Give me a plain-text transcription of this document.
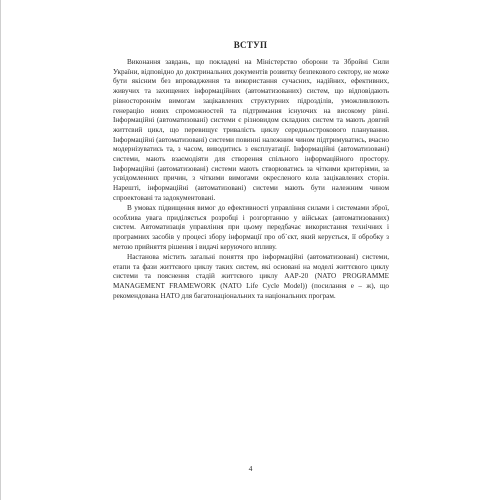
ВСТУП

Виконання завдань, що покладені на Міністерство оборони та Збройні Сили України, відповідно до доктринальних документів розвитку безпекового сектору, не може бути якісним без впровадження та використання сучасних, надійних, ефективних, живучих та захищених інформаційних (автоматизованих) систем, що відповідають рівностороннім вимогам зацікавлених структурних підрозділів, уможливлюють генерацію нових спроможностей та підтримання існуючих на високому рівні. Інформаційні (автоматизовані) системи є різновидом складних систем та мають довгий життєвий цикл, що перевищує тривалість циклу середньострокового планування. Інформаційні (автоматизовані) системи повинні належним чином підтримуватись, вчасно модернізуватись та, з часом, виводитись з експлуатації. Інформаційні (автоматизовані) системи, мають взаємодіяти для створення спільного інформаційного простору. Інформаційні (автоматизовані) системи мають створюватись за чіткими критеріями, за усвідомленних причин, з чіткими вимогами окресленого кола зацікавлених сторін. Нарешті, інформаційні (автоматизовані) системи мають бути належним чином спроектовані та задокументовані.

В умовах підвищення вимог до ефективності управління силами і системами зброї, особлива увага приділяється розробці і розгортанню у військах (автоматизованих) систем. Автоматизація управління при цьому передбачає використання технічних і програмних засобів у процесі збору інформації про об`єкт, який керується, її обробку з метою прийняття рішення і видачі керуючого впливу.

Настанова містить загальні поняття про інформаційні (автоматизовані) системи, етапи та фази життєвого циклу таких систем, які основані на моделі життєвого циклу системи та пояснення стадій життєвого циклу AAP-20 (NATO PROGRAMME MANAGEMENT FRAMEWORK (NATO Life Cycle Model)) (посилання е – ж), що рекомендована НАТО для багатонаціональних та національних програм.

4
